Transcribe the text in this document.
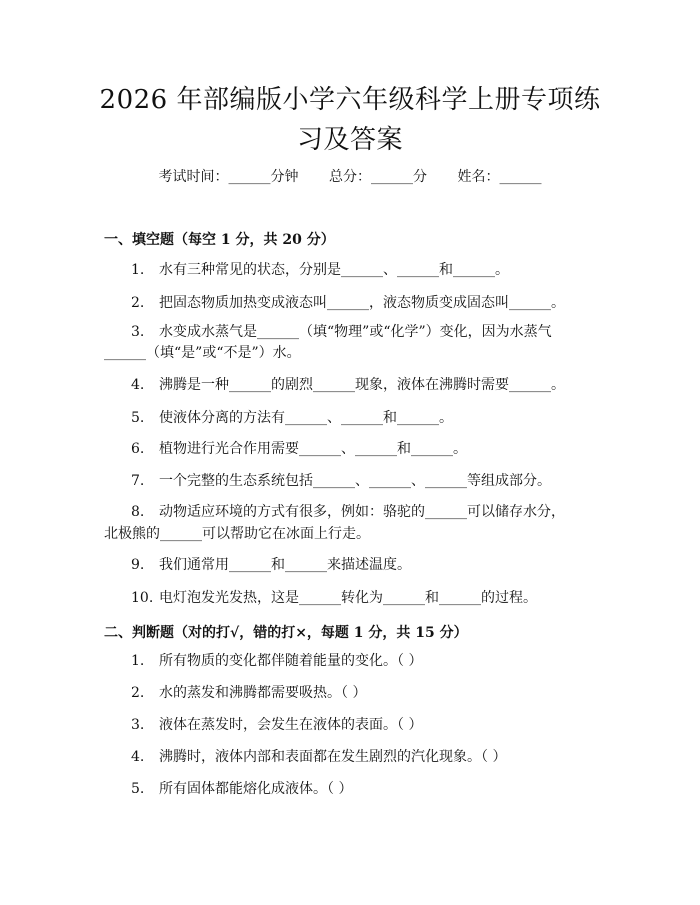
2026 年部编版小学六年级科学上册专项练习及答案
考试时间：______分钟 总分：______分 姓名：______
一、填空题（每空 1 分，共 20 分）
1. 水有三种常见的状态，分别是______、______和______。
2. 把固态物质加热变成液态叫______，液态物质变成固态叫______。
3. 水变成水蒸气是______（填“物理”或“化学”）变化，因为水蒸气______（填“是”或“不是”）水。
4. 沸腾是一种______的剧烈______现象，液体在沸腾时需要______。
5. 使液体分离的方法有______、______和______。
6. 植物进行光合作用需要______、______和______。
7. 一个完整的生态系统包括______、______、______等组成部分。
8. 动物适应环境的方式有很多，例如：骆驼的______可以储存水分，北极熊的______可以帮助它在冰面上行走。
9. 我们通常用______和______来描述温度。
10. 电灯泡发光发热，这是______转化为______和______的过程。
二、判断题（对的打√，错的打×，每题 1 分，共 15 分）
1. 所有物质的变化都伴随着能量的变化。（ ）
2. 水的蒸发和沸腾都需要吸热。（ ）
3. 液体在蒸发时，会发生在液体的表面。（ ）
4. 沸腾时，液体内部和表面都在发生剧烈的汽化现象。（ ）
5. 所有固体都能熔化成液体。（ ）
